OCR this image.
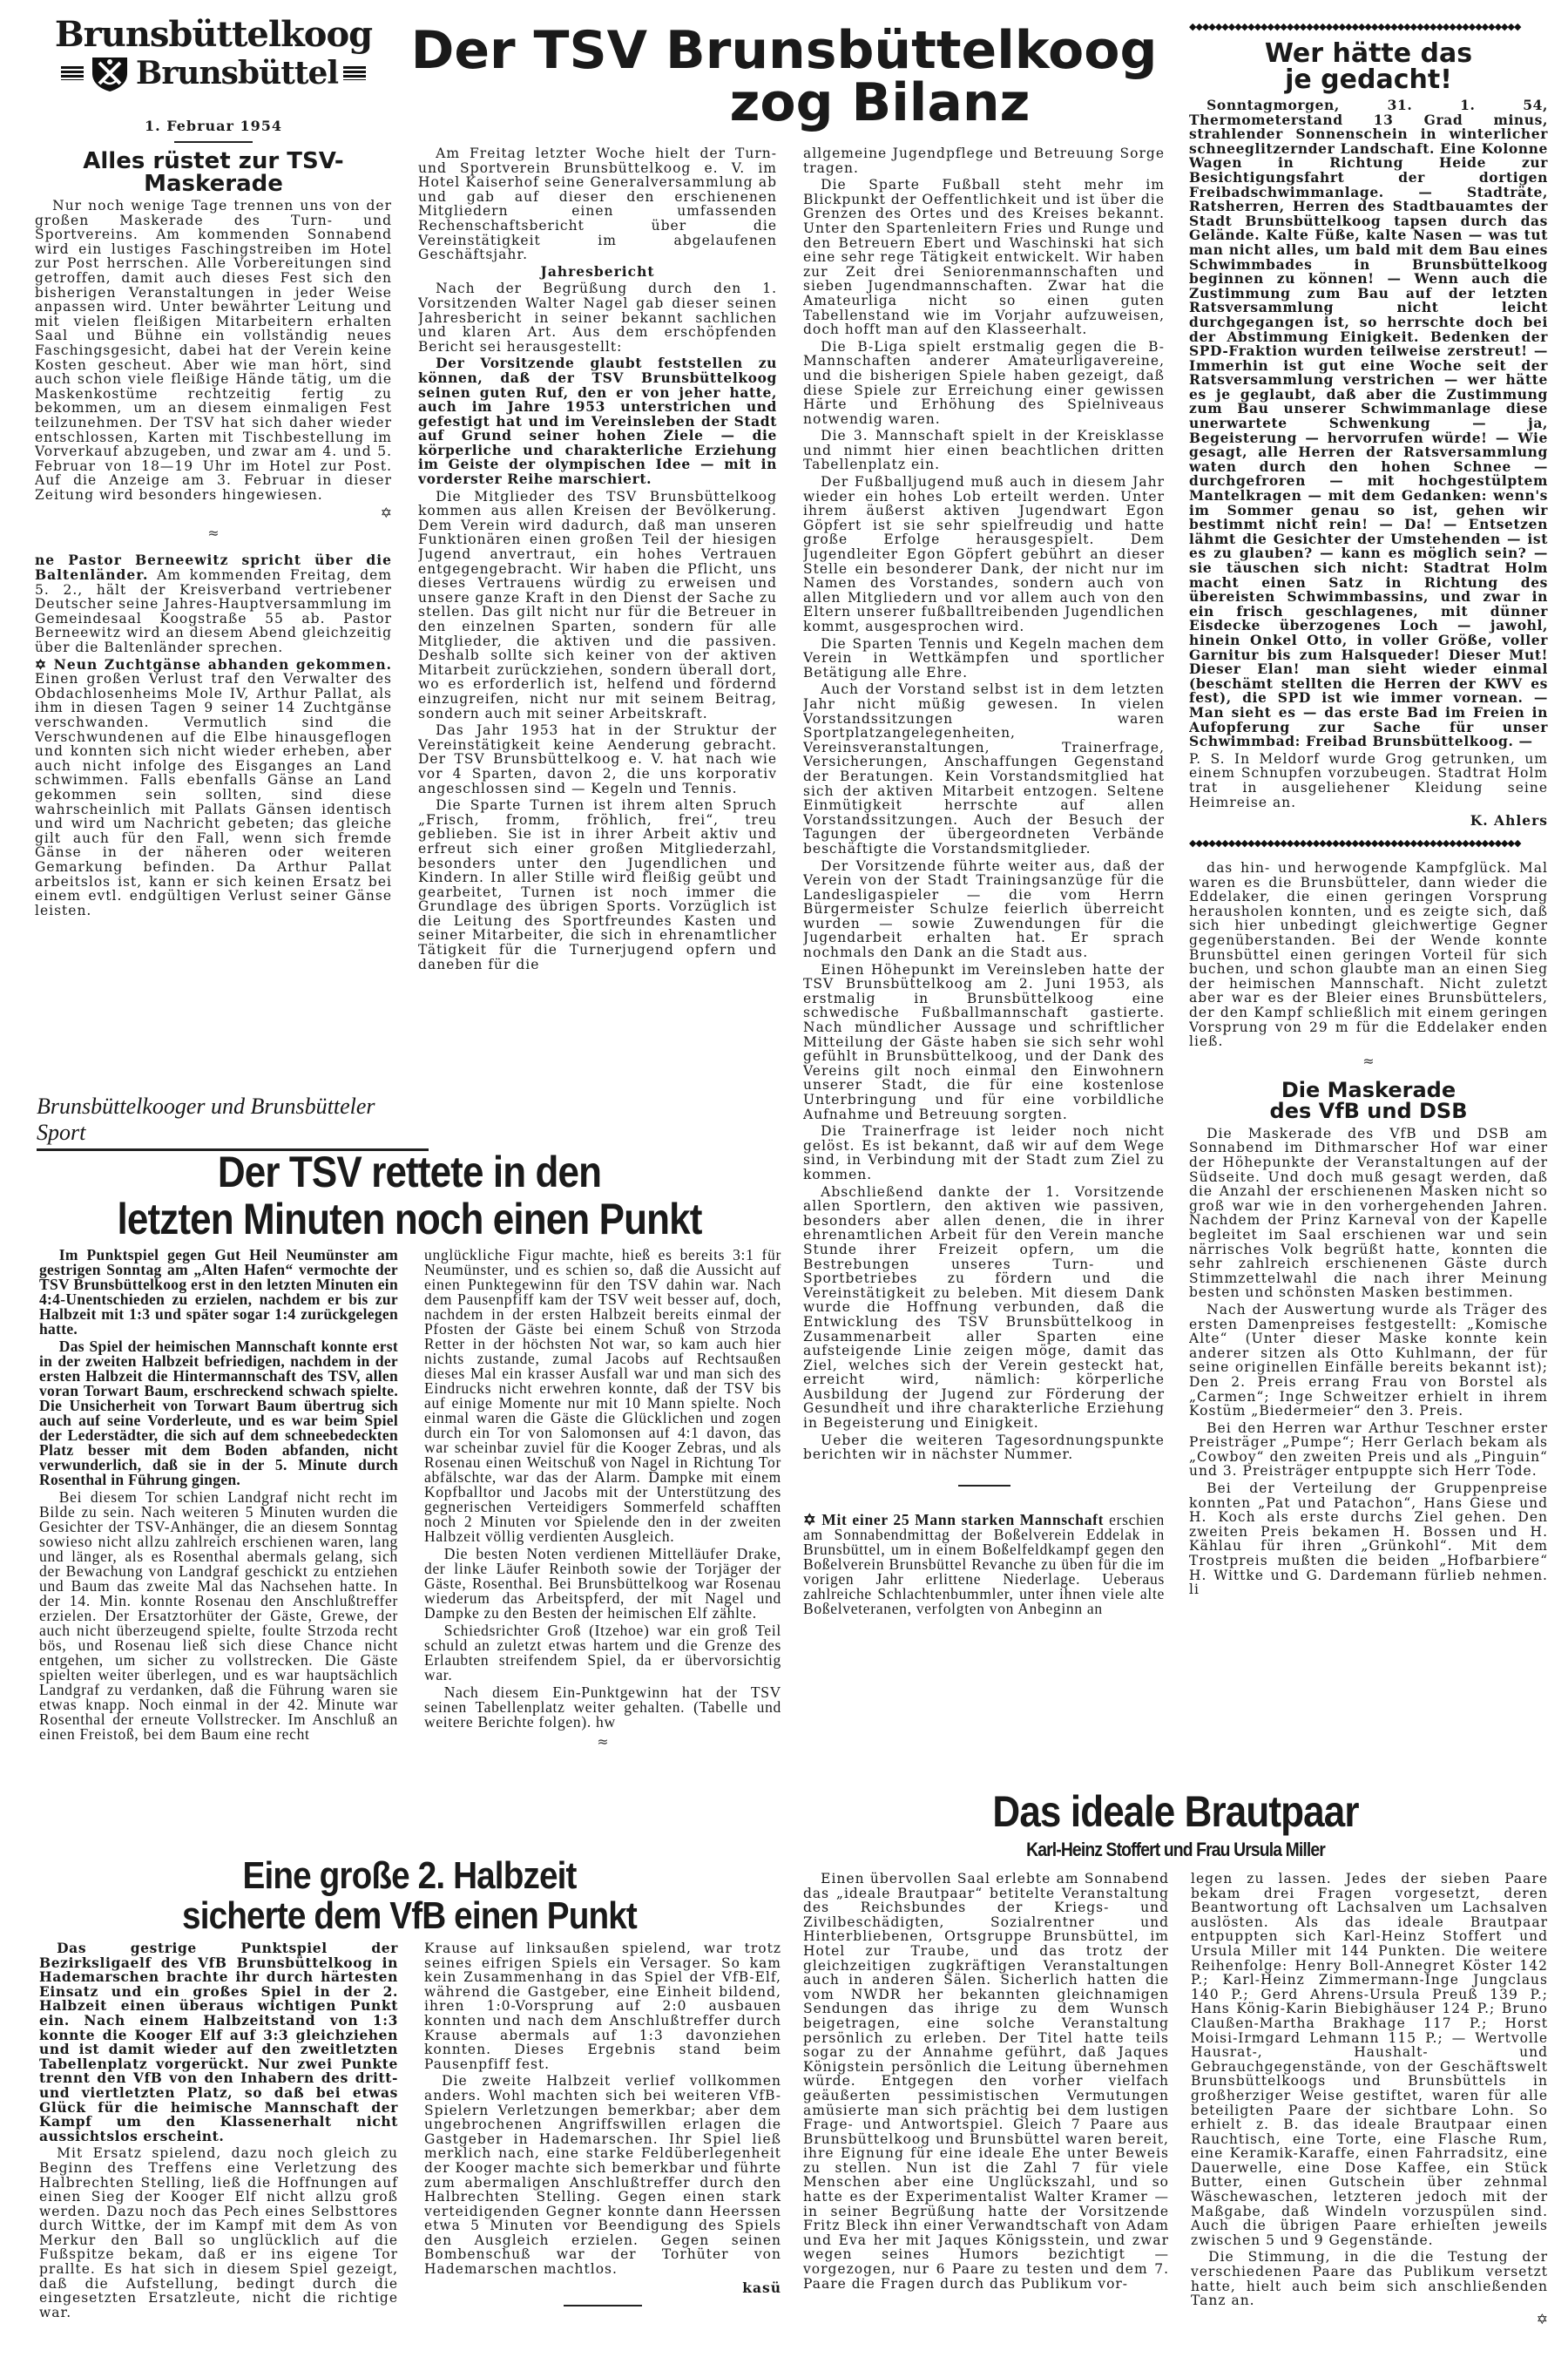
Brunsbüttelkoog
Brunsbüttel
1. Februar 1954
Alles rüstet zur TSV-Maskerade

Nur noch wenige Tage trennen uns von der großen Maskerade des Turn- und Sportvereins. Am kommenden Sonnabend wird ein lustiges Faschingstreiben im Hotel zur Post herrschen. Alle Vorbereitungen sind getroffen, damit auch dieses Fest sich den bisherigen Veranstaltungen in jeder Weise anpassen wird. Unter bewährter Leitung und mit vielen fleißigen Mitarbeitern erhalten Saal und Bühne ein vollständig neues Faschingsgesicht, dabei hat der Verein keine Kosten gescheut. Aber wie man hört, sind auch schon viele fleißige Hände tätig, um die Maskenkostüme rechtzeitig fertig zu bekommen, um an diesem einmaligen Fest teilzunehmen. Der TSV hat sich daher wieder entschlossen, Karten mit Tischbestellung im Vorverkauf abzugeben, und zwar am 4. und 5. Februar von 18—19 Uhr im Hotel zur Post. Auf die Anzeige am 3. Februar in dieser Zeitung wird besonders hingewiesen.

✡
≈

ne Pastor Berneewitz spricht über die Baltenländer. Am kommenden Freitag, dem 5. 2., hält der Kreisverband vertriebener Deutscher seine Jahres-Hauptversammlung im Gemeindesaal Koogstraße 55 ab. Pastor Berneewitz wird an diesem Abend gleichzeitig über die Baltenländer sprechen.

✡ Neun Zuchtgänse abhanden gekommen. Einen großen Verlust traf den Verwalter des Obdachlosenheims Mole IV, Arthur Pallat, als ihm in diesen Tagen 9 seiner 14 Zuchtgänse verschwanden. Vermutlich sind die Verschwundenen auf die Elbe hinausgeflogen und konnten sich nicht wieder erheben, aber auch nicht infolge des Eisganges an Land schwimmen. Falls ebenfalls Gänse an Land gekommen sein sollten, sind diese wahrscheinlich mit Pallats Gänsen identisch und wird um Nachricht gebeten; das gleiche gilt auch für den Fall, wenn sich fremde Gänse in der näheren oder weiteren Gemarkung befinden. Da Arthur Pallat arbeitslos ist, kann er sich keinen Ersatz bei einem evtl. endgültigen Verlust seiner Gänse leisten.

Der TSV Brunsbüttelkoog
zog Bilanz

Am Freitag letzter Woche hielt der Turn- und Sportverein Brunsbüttelkoog e. V. im Hotel Kaiserhof seine Generalversammlung ab und gab auf dieser den erschienenen Mitgliedern einen umfassenden Rechenschaftsbericht über die Vereinstätigkeit im abgelaufenen Geschäftsjahr.

Jahresbericht

Nach der Begrüßung durch den 1. Vorsitzenden Walter Nagel gab dieser seinen Jahresbericht in seiner bekannt sachlichen und klaren Art. Aus dem erschöpfenden Bericht sei herausgestellt:

Der Vorsitzende glaubt feststellen zu können, daß der TSV Brunsbüttelkoog seinen guten Ruf, den er von jeher hatte, auch im Jahre 1953 unterstrichen und gefestigt hat und im Vereinsleben der Stadt auf Grund seiner hohen Ziele — die körperliche und charakterliche Erziehung im Geiste der olympischen Idee — mit in vorderster Reihe marschiert.

Die Mitglieder des TSV Brunsbüttelkoog kommen aus allen Kreisen der Bevölkerung. Dem Verein wird dadurch, daß man unseren Funktionären einen großen Teil der hiesigen Jugend anvertraut, ein hohes Vertrauen entgegengebracht. Wir haben die Pflicht, uns dieses Vertrauens würdig zu erweisen und unsere ganze Kraft in den Dienst der Sache zu stellen. Das gilt nicht nur für die Betreuer in den einzelnen Sparten, sondern für alle Mitglieder, die aktiven und die passiven. Deshalb sollte sich keiner von der aktiven Mitarbeit zurückziehen, sondern überall dort, wo es erforderlich ist, helfend und fördernd einzugreifen, nicht nur mit seinem Beitrag, sondern auch mit seiner Arbeitskraft.

Das Jahr 1953 hat in der Struktur der Vereinstätigkeit keine Aenderung gebracht. Der TSV Brunsbüttelkoog e. V. hat nach wie vor 4 Sparten, davon 2, die uns korporativ angeschlossen sind — Kegeln und Tennis.

Die Sparte Turnen ist ihrem alten Spruch „Frisch, fromm, fröhlich, frei“, treu geblieben. Sie ist in ihrer Arbeit aktiv und erfreut sich einer großen Mitgliederzahl, besonders unter den Jugendlichen und Kindern. In aller Stille wird fleißig geübt und gearbeitet, Turnen ist noch immer die Grundlage des übrigen Sports. Vorzüglich ist die Leitung des Sportfreundes Kasten und seiner Mitarbeiter, die sich in ehrenamtlicher Tätigkeit für die Turnerjugend opfern und daneben für die

allgemeine Jugendpflege und Betreuung Sorge tragen.

Die Sparte Fußball steht mehr im Blickpunkt der Oeffentlichkeit und ist über die Grenzen des Ortes und des Kreises bekannt. Unter den Spartenleitern Fries und Runge und den Betreuern Ebert und Waschinski hat sich eine sehr rege Tätigkeit entwickelt. Wir haben zur Zeit drei Seniorenmannschaften und sieben Jugendmannschaften. Zwar hat die Amateurliga nicht so einen guten Tabellenstand wie im Vorjahr aufzuweisen, doch hofft man auf den Klasseerhalt.

Die B-Liga spielt erstmalig gegen die B-Mannschaften anderer Amateurligavereine, und die bisherigen Spiele haben gezeigt, daß diese Spiele zur Erreichung einer gewissen Härte und Erhöhung des Spielniveaus notwendig waren.

Die 3. Mannschaft spielt in der Kreisklasse und nimmt hier einen beachtlichen dritten Tabellenplatz ein.

Der Fußballjugend muß auch in diesem Jahr wieder ein hohes Lob erteilt werden. Unter ihrem äußerst aktiven Jugendwart Egon Göpfert ist sie sehr spielfreudig und hatte große Erfolge herausgespielt. Dem Jugendleiter Egon Göpfert gebührt an dieser Stelle ein besonderer Dank, der nicht nur im Namen des Vorstandes, sondern auch von allen Mitgliedern und vor allem auch von den Eltern unserer fußballtreibenden Jugendlichen kommt, ausgesprochen wird.

Die Sparten Tennis und Kegeln machen dem Verein in Wettkämpfen und sportlicher Betätigung alle Ehre.

Auch der Vorstand selbst ist in dem letzten Jahr nicht müßig gewesen. In vielen Vorstandssitzungen waren Sportplatzangelegenheiten, Vereinsveranstaltungen, Trainerfrage, Versicherungen, Anschaffungen Gegenstand der Beratungen. Kein Vorstandsmitglied hat sich der aktiven Mitarbeit entzogen. Seltene Einmütigkeit herrschte auf allen Vorstandssitzungen. Auch der Besuch der Tagungen der übergeordneten Verbände beschäftigte die Vorstandsmitglieder.

Der Vorsitzende führte weiter aus, daß der Verein von der Stadt Trainingsanzüge für die Landesligaspieler — die vom Herrn Bürgermeister Schulze feierlich überreicht wurden — sowie Zuwendungen für die Jugendarbeit erhalten hat. Er sprach nochmals den Dank an die Stadt aus.

Einen Höhepunkt im Vereinsleben hatte der TSV Brunsbüttelkoog am 2. Juni 1953, als erstmalig in Brunsbüttelkoog eine schwedische Fußballmannschaft gastierte. Nach mündlicher Aussage und schriftlicher Mitteilung der Gäste haben sie sich sehr wohl gefühlt in Brunsbüttelkoog, und der Dank des Vereins gilt noch einmal den Einwohnern unserer Stadt, die für eine kostenlose Unterbringung und für eine vorbildliche Aufnahme und Betreuung sorgten.

Die Trainerfrage ist leider noch nicht gelöst. Es ist bekannt, daß wir auf dem Wege sind, in Verbindung mit der Stadt zum Ziel zu kommen.

Abschließend dankte der 1. Vorsitzende allen Sportlern, den aktiven wie passiven, besonders aber allen denen, die in ihrer ehrenamtlichen Arbeit für den Verein manche Stunde ihrer Freizeit opfern, um die Bestrebungen unseres Turn- und Sportbetriebes zu fördern und die Vereinstätigkeit zu beleben. Mit diesem Dank wurde die Hoffnung verbunden, daß die Entwicklung des TSV Brunsbüttelkoog in Zusammenarbeit aller Sparten eine aufsteigende Linie zeigen möge, damit das Ziel, welches sich der Verein gesteckt hat, erreicht wird, nämlich: körperliche Ausbildung der Jugend zur Förderung der Gesundheit und ihre charakterliche Erziehung in Begeisterung und Einigkeit.

Ueber die weiteren Tagesordnungspunkte berichten wir in nächster Nummer.

✡ Mit einer 25 Mann starken Mannschaft erschien am Sonnabendmittag der Boßelverein Eddelak in Brunsbüttel, um in einem Boßelfeldkampf gegen den Boßelverein Brunsbüttel Revanche zu üben für die im vorigen Jahr erlittene Niederlage. Ueberaus zahlreiche Schlachtenbummler, unter ihnen viele alte Boßelveteranen, verfolgten von Anbeginn an

◆◆◆◆◆◆◆◆◆◆◆◆◆◆◆◆◆◆◆◆◆◆◆◆◆◆◆◆◆◆◆◆◆◆◆◆◆◆◆◆◆◆◆◆◆◆◆◆◆◆◆
Wer hätte das
je gedacht!

Sonntagmorgen, 31. 1. 54, Thermometerstand 13 Grad minus, strahlender Sonnenschein in winterlicher schneeglitzernder Landschaft. Eine Kolonne Wagen in Richtung Heide zur Besichtigungsfahrt der dortigen Freibadschwimmanlage. — Stadträte, Ratsherren, Herren des Stadtbauamtes der Stadt Brunsbüttelkoog tapsen durch das Gelände. Kalte Füße, kalte Nasen — was tut man nicht alles, um bald mit dem Bau eines Schwimmbades in Brunsbüttelkoog beginnen zu können! — Wenn auch die Zustimmung zum Bau auf der letzten Ratsversammlung nicht leicht durchgegangen ist, so herrschte doch bei der Abstimmung Einigkeit. Bedenken der SPD-Fraktion wurden teilweise zerstreut! — Immerhin ist gut eine Woche seit der Ratsversammlung verstrichen — wer hätte es je geglaubt, daß aber die Zustimmung zum Bau unserer Schwimmanlage diese unerwartete Schwenkung — ja, Begeisterung — hervorrufen würde! — Wie gesagt, alle Herren der Ratsversammlung waten durch den hohen Schnee — durchgefroren — mit hochgestülptem Mantelkragen — mit dem Gedanken: wenn's im Sommer genau so ist, gehen wir bestimmt nicht rein! — Da! — Entsetzen lähmt die Gesichter der Umstehenden — ist es zu glauben? — kann es möglich sein? — sie täuschen sich nicht: Stadtrat Holm macht einen Satz in Richtung des übereisten Schwimmbassins, und zwar in ein frisch geschlagenes, mit dünner Eisdecke überzogenes Loch — jawohl, hinein Onkel Otto, in voller Größe, voller Garnitur bis zum Halsqueder! Dieser Mut! Dieser Elan! man sieht wieder einmal (beschämt stellten die Herren der KWV es fest), die SPD ist wie immer vornean. — Man sieht es — das erste Bad im Freien in Aufopferung zur Sache für unser Schwimmbad: Freibad Brunsbüttelkoog. —

P. S. In Meldorf wurde Grog getrunken, um einem Schnupfen vorzubeugen. Stadtrat Holm trat in ausgeliehener Kleidung seine Heimreise an.

K. Ahlers
◆◆◆◆◆◆◆◆◆◆◆◆◆◆◆◆◆◆◆◆◆◆◆◆◆◆◆◆◆◆◆◆◆◆◆◆◆◆◆◆◆◆◆◆◆◆◆◆◆◆◆

das hin- und herwogende Kampfglück. Mal waren es die Brunsbütteler, dann wieder die Eddelaker, die einen geringen Vorsprung herausholen konnten, und es zeigte sich, daß sich hier unbedingt gleichwertige Gegner gegenüberstanden. Bei der Wende konnte Brunsbüttel einen geringen Vorteil für sich buchen, und schon glaubte man an einen Sieg der heimischen Mannschaft. Nicht zuletzt aber war es der Bleier eines Brunsbüttelers, der den Kampf schließlich mit einem geringen Vorsprung von 29 m für die Eddelaker enden ließ.

≈
Die Maskerade
des VfB und DSB

Die Maskerade des VfB und DSB am Sonnabend im Dithmarscher Hof war einer der Höhepunkte der Veranstaltungen auf der Südseite. Und doch muß gesagt werden, daß die Anzahl der erschienenen Masken nicht so groß war wie in den vorhergehenden Jahren. Nachdem der Prinz Karneval von der Kapelle begleitet im Saal erschienen war und sein närrisches Volk begrüßt hatte, konnten die sehr zahlreich erschienenen Gäste durch Stimmzettelwahl die nach ihrer Meinung besten und schönsten Masken bestimmen.

Nach der Auswertung wurde als Träger des ersten Damenpreises festgestellt: „Komische Alte“ (Unter dieser Maske konnte kein anderer sitzen als Otto Kuhlmann, der für seine originellen Einfälle bereits bekannt ist); Den 2. Preis errang Frau von Borstel als „Carmen“; Inge Schweitzer erhielt in ihrem Kostüm „Biedermeier“ den 3. Preis.

Bei den Herren war Arthur Teschner erster Preisträger „Pumpe“; Herr Gerlach bekam als „Cowboy“ den zweiten Preis und als „Pinguin“ und 3. Preisträger entpuppte sich Herr Tode.

Bei der Verteilung der Gruppenpreise konnten „Pat und Patachon“, Hans Giese und H. Koch als erste durchs Ziel gehen. Den zweiten Preis bekamen H. Bossen und H. Kählau für ihren „Grünkohl“. Mit dem Trostpreis mußten die beiden „Hofbarbiere“ H. Wittke und G. Dardemann fürlieb nehmen. li

Brunsbüttelkooger und Brunsbütteler Sport
Der TSV rettete in den
letzten Minuten noch einen Punkt

Im Punktspiel gegen Gut Heil Neumünster am gestrigen Sonntag am „Alten Hafen“ vermochte der TSV Brunsbüttelkoog erst in den letzten Minuten ein 4:4-Unentschieden zu erzielen, nachdem er bis zur Halbzeit mit 1:3 und später sogar 1:4 zurückgelegen hatte.

Das Spiel der heimischen Mannschaft konnte erst in der zweiten Halbzeit befriedigen, nachdem in der ersten Halbzeit die Hintermannschaft des TSV, allen voran Torwart Baum, erschreckend schwach spielte. Die Unsicherheit von Torwart Baum übertrug sich auch auf seine Vorderleute, und es war beim Spiel der Lederstädter, die sich auf dem schneebedeckten Platz besser mit dem Boden abfanden, nicht verwunderlich, daß sie in der 5. Minute durch Rosenthal in Führung gingen.

Bei diesem Tor schien Landgraf nicht recht im Bilde zu sein. Nach weiteren 5 Minuten wurden die Gesichter der TSV-Anhänger, die an diesem Sonntag sowieso nicht allzu zahlreich erschienen waren, lang und länger, als es Rosenthal abermals gelang, sich der Bewachung von Landgraf geschickt zu entziehen und Baum das zweite Mal das Nachsehen hatte. In der 14. Min. konnte Rosenau den Anschlußtreffer erzielen. Der Ersatztorhüter der Gäste, Grewe, der auch nicht überzeugend spielte, foulte Strzoda recht bös, und Rosenau ließ sich diese Chance nicht entgehen, um sicher zu vollstrecken. Die Gäste spielten weiter überlegen, und es war hauptsächlich Landgraf zu verdanken, daß die Führung waren sie etwas knapp. Noch einmal in der 42. Minute war Rosenthal der erneute Vollstrecker. Im Anschluß an einen Freistoß, bei dem Baum eine recht

unglückliche Figur machte, hieß es bereits 3:1 für Neumünster, und es schien so, daß die Aussicht auf einen Punktegewinn für den TSV dahin war. Nach dem Pausenpfiff kam der TSV weit besser auf, doch, nachdem in der ersten Halbzeit bereits einmal der Pfosten der Gäste bei einem Schuß von Strzoda Retter in der höchsten Not war, so kam auch hier nichts zustande, zumal Jacobs auf Rechtsaußen dieses Mal ein krasser Ausfall war und man sich des Eindrucks nicht erwehren konnte, daß der TSV bis auf einige Momente nur mit 10 Mann spielte. Noch einmal waren die Gäste die Glücklichen und zogen durch ein Tor von Salomonsen auf 4:1 davon, das war scheinbar zuviel für die Kooger Zebras, und als Rosenau einen Weitschuß von Nagel in Richtung Tor abfälschte, war das der Alarm. Dampke mit einem Kopfballtor und Jacobs mit der Unterstützung des gegnerischen Verteidigers Sommerfeld schafften noch 2 Minuten vor Spielende den in der zweiten Halbzeit völlig verdienten Ausgleich.

Die besten Noten verdienen Mittelläufer Drake, der linke Läufer Reinboth sowie der Torjäger der Gäste, Rosenthal. Bei Brunsbüttelkoog war Rosenau wiederum das Arbeitspferd, der mit Nagel und Dampke zu den Besten der heimischen Elf zählte.

Schiedsrichter Groß (Itzehoe) war ein groß Teil schuld an zuletzt etwas hartem und die Grenze des Erlaubten streifendem Spiel, da er übervorsichtig war.

Nach diesem Ein-Punktgewinn hat der TSV seinen Tabellenplatz weiter gehalten. (Tabelle und weitere Berichte folgen). hw

≈
Eine große 2. Halbzeit
sicherte dem VfB einen Punkt

Das gestrige Punktspiel der Bezirksligaelf des VfB Brunsbüttelkoog in Hademarschen brachte ihr durch härtesten Einsatz und ein großes Spiel in der 2. Halbzeit einen überaus wichtigen Punkt ein. Nach einem Halbzeitstand von 1:3 konnte die Kooger Elf auf 3:3 gleichziehen und ist damit wieder auf den zweitletzten Tabellenplatz vorgerückt. Nur zwei Punkte trennt den VfB von den Inhabern des dritt- und viertletzten Platz, so daß bei etwas Glück für die heimische Mannschaft der Kampf um den Klassenerhalt nicht aussichtslos erscheint.

Mit Ersatz spielend, dazu noch gleich zu Beginn des Treffens eine Verletzung des Halbrechten Stelling, ließ die Hoffnungen auf einen Sieg der Kooger Elf nicht allzu groß werden. Dazu noch das Pech eines Selbsttores durch Wittke, der im Kampf mit dem As von Merkur den Ball so unglücklich auf die Fußspitze bekam, daß er ins eigene Tor prallte. Es hat sich in diesem Spiel gezeigt, daß die Aufstellung, bedingt durch die eingesetzten Ersatzleute, nicht die richtige war.

Krause auf linksaußen spielend, war trotz seines eifrigen Spiels ein Versager. So kam kein Zusammenhang in das Spiel der VfB-Elf, während die Gastgeber, eine Einheit bildend, ihren 1:0-Vorsprung auf 2:0 ausbauen konnten und nach dem Anschlußtreffer durch Krause abermals auf 1:3 davonziehen konnten. Dieses Ergebnis stand beim Pausenpfiff fest.

Die zweite Halbzeit verlief vollkommen anders. Wohl machten sich bei weiteren VfB-Spielern Verletzungen bemerkbar; aber dem ungebrochenen Angriffswillen erlagen die Gastgeber in Hademarschen. Ihr Spiel ließ merklich nach, eine starke Feldüberlegenheit der Kooger machte sich bemerkbar und führte zum abermaligen Anschlußtreffer durch den Halbrechten Stelling. Gegen einen stark verteidigenden Gegner konnte dann Heerssen etwa 5 Minuten vor Beendigung des Spiels den Ausgleich erzielen. Gegen seinen Bombenschuß war der Torhüter von Hademarschen machtlos.

kasü
Das ideale Brautpaar
Karl-Heinz Stoffert und Frau Ursula Miller

Einen übervollen Saal erlebte am Sonnabend das „ideale Brautpaar“ betitelte Veranstaltung des Reichsbundes der Kriegs- und Zivilbeschädigten, Sozialrentner und Hinterbliebenen, Ortsgruppe Brunsbüttel, im Hotel zur Traube, und das trotz der gleichzeitigen zugkräftigen Veranstaltungen auch in anderen Sälen. Sicherlich hatten die vom NWDR her bekannten gleichnamigen Sendungen das ihrige zu dem Wunsch beigetragen, eine solche Veranstaltung persönlich zu erleben. Der Titel hatte teils sogar zu der Annahme geführt, daß Jaques Königstein persönlich die Leitung übernehmen würde. Entgegen den vorher vielfach geäußerten pessimistischen Vermutungen amüsierte man sich prächtig bei dem lustigen Frage- und Antwortspiel. Gleich 7 Paare aus Brunsbüttelkoog und Brunsbüttel waren bereit, ihre Eignung für eine ideale Ehe unter Beweis zu stellen. Nun ist die Zahl 7 für viele Menschen aber eine Unglückszahl, und so hatte es der Experimentalist Walter Kramer — in seiner Begrüßung hatte der Vorsitzende Fritz Bleck ihn einer Verwandtschaft von Adam und Eva her mit Jaques Königsstein, und zwar wegen seines Humors bezichtigt — vorgezogen, nur 6 Paare zu testen und dem 7. Paare die Fragen durch das Publikum vor-

legen zu lassen. Jedes der sieben Paare bekam drei Fragen vorgesetzt, deren Beantwortung oft Lachsalven um Lachsalven auslösten. Als das ideale Brautpaar entpuppten sich Karl-Heinz Stoffert und Ursula Miller mit 144 Punkten. Die weitere Reihenfolge: Henry Boll-Annegret Köster 142 P.; Karl-Heinz Zimmermann-Inge Jungclaus 140 P.; Gerd Ahrens-Ursula Preuß 139 P.; Hans König-Karin Biebighäuser 124 P.; Bruno Claußen-Martha Brakhage 117 P.; Horst Moisi-Irmgard Lehmann 115 P.; — Wertvolle Hausrat-, Haushalt- und Gebrauchgegenstände, von der Geschäftswelt Brunsbüttelkoogs und Brunsbüttels in großherziger Weise gestiftet, waren für alle beteiligten Paare der sichtbare Lohn. So erhielt z. B. das ideale Brautpaar einen Rauchtisch, eine Torte, eine Flasche Rum, eine Keramik-Karaffe, einen Fahrradsitz, eine Dauerwelle, eine Dose Kaffee, ein Stück Butter, einen Gutschein über zehnmal Wäschewaschen, letzteren jedoch mit der Maßgabe, daß Windeln vorzuspülen sind. Auch die übrigen Paare erhielten jeweils zwischen 5 und 9 Gegenstände.

Die Stimmung, in die die Testung der verschiedenen Paare das Publikum versetzt hatte, hielt auch beim sich anschließenden Tanz an.

✡
